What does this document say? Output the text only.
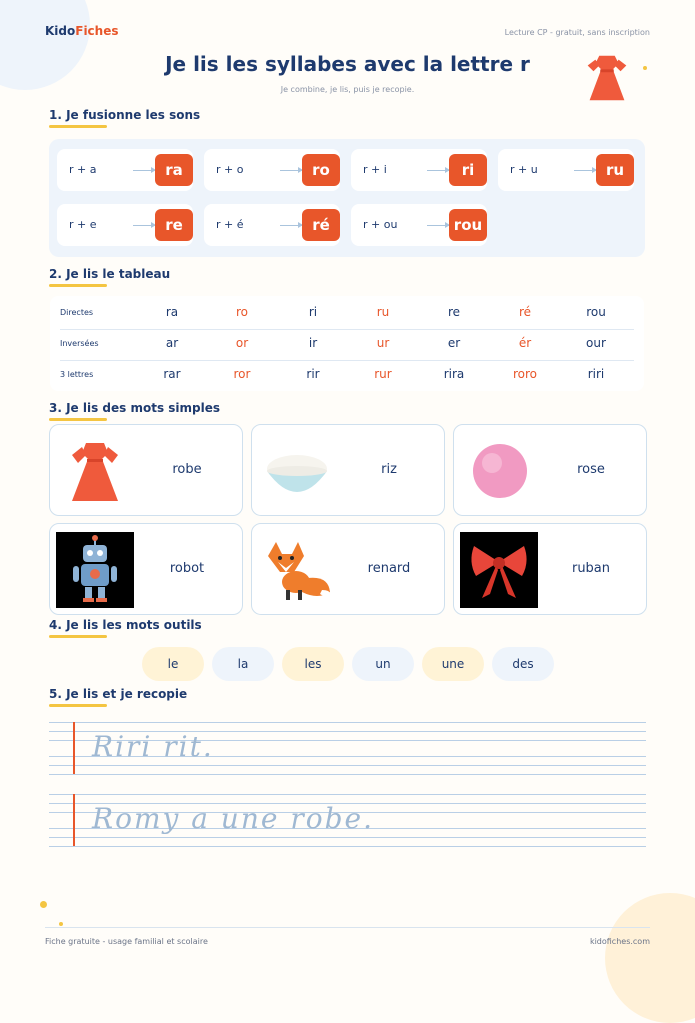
KidoFiches	Lecture CP - gratuit, sans inscription
Je lis les syllabes avec la lettre r
Je combine, je lis, puis je recopie.
1. Je fusionne les sons
r + a	ra	r + o	ro	r + i	ri	r + u	ru
r + e	re	r + é	ré	r + ou	rou
2. Je lis le tableau
Directes	ra	ro	ri	ru	re	ré	rou
Inversées	ar	or	ir	ur	er	ér	our
3 lettres	rar	ror	rir	rur	rira	roro	riri
3. Je lis des mots simples
robe	riz	rose
robot	renard	ruban
4. Je lis les mots outils
le	la	les	un	une	des
5. Je lis et je recopie
Riri rit.
Romy a une robe.
Fiche gratuite - usage familial et scolaire	kidofiches.com
